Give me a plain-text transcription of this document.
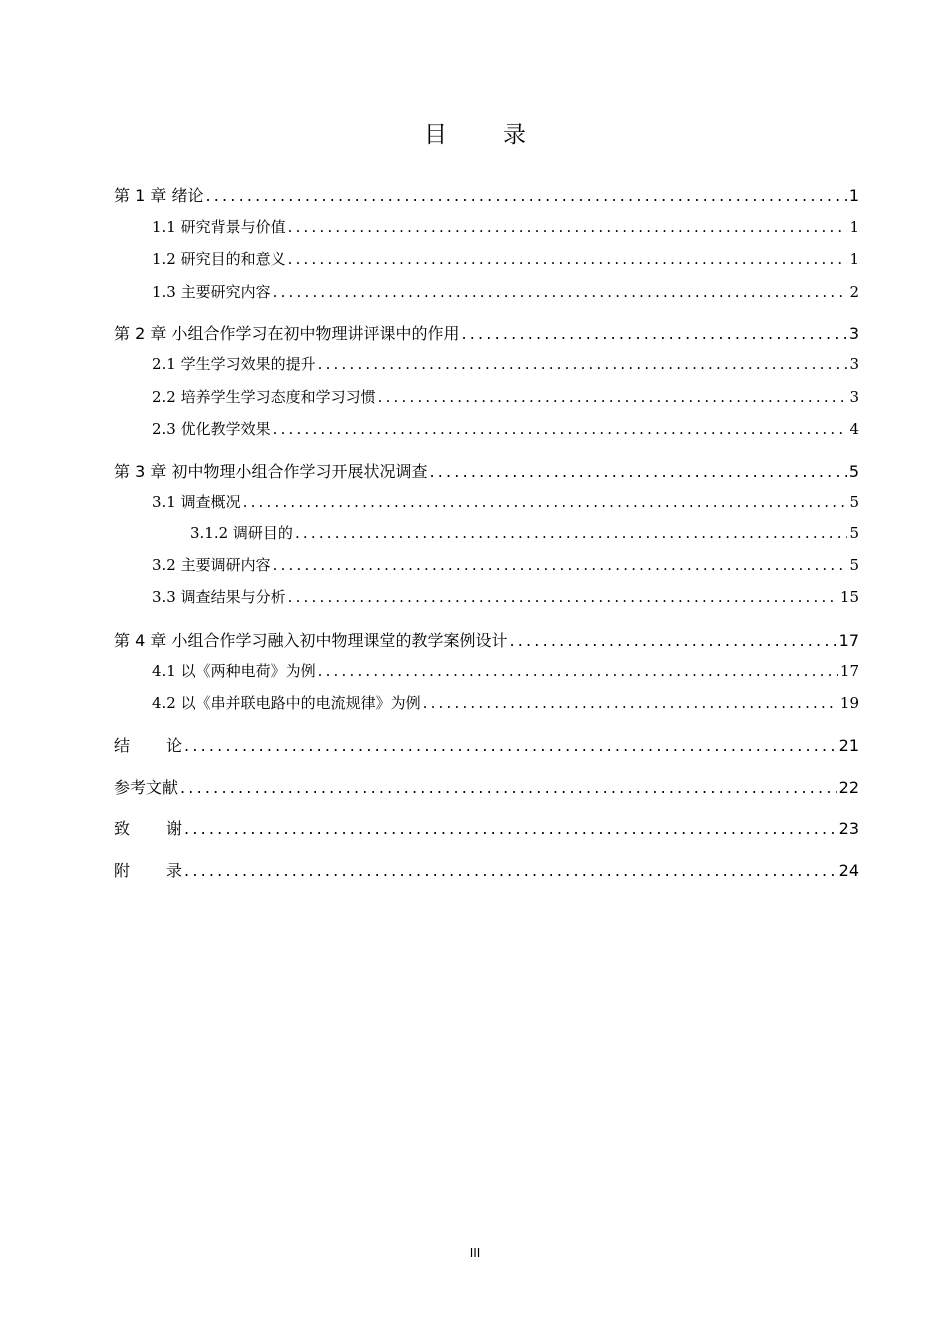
目 录
第 1 章 绪论 .....	1
1.1 研究背景与价值 .....	1
1.2 研究目的和意义 .....	1
1.3 主要研究内容 .....	2
第 2 章 小组合作学习在初中物理讲评课中的作用 .....	3
2.1 学生学习效果的提升 .....	3
2.2 培养学生学习态度和学习习惯 .....	3
2.3 优化教学效果 .....	4
第 3 章 初中物理小组合作学习开展状况调查 .....	5
3.1 调查概况 .....	5
3.1.2 调研目的 .....	5
3.2 主要调研内容 .....	5
3.3 调查结果与分析 .....	15
第 4 章 小组合作学习融入初中物理课堂的教学案例设计 .....	17
4.1 以《两种电荷》为例 .....	17
4.2 以《串并联电路中的电流规律》为例 .....	19
结 论 .....	21
参考文献 .....	22
致 谢 .....	23
附 录 .....	24
III
